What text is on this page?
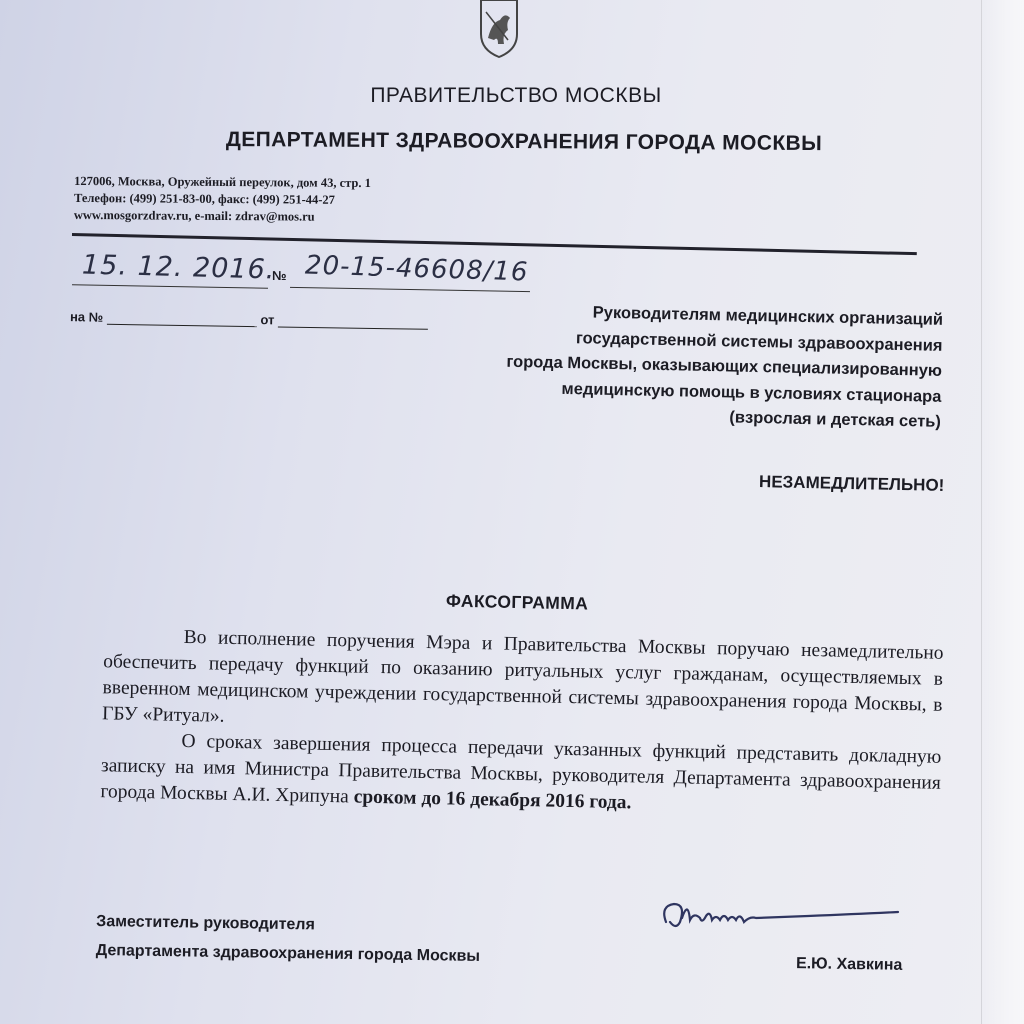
ПРАВИТЕЛЬСТВО МОСКВЫ
ДЕПАРТАМЕНТ ЗДРАВООХРАНЕНИЯ ГОРОДА МОСКВЫ
127006, Москва, Оружейный переулок, дом 43, стр. 1
Телефон: (499) 251-83-00, факс: (499) 251-44-27
www.mosgorzdrav.ru, e-mail: zdrav@mos.ru
15. 12. 2016.
№ 20-15-46608/16
на №	от	Руководителям медицинских организаций
государственной системы здравоохранения
города Москвы, оказывающих специализированную
медицинскую помощь в условиях стационара
(взрослая и детская сеть)
НЕЗАМЕДЛИТЕЛЬНО!
ФАКСОГРАММА

Во исполнение поручения Мэра и Правительства Москвы поручаю незамедлительно обеспечить передачу функций по оказанию ритуальных услуг гражданам, осуществляемых в вверенном медицинском учреждении государственной системы здравоохранения города Москвы, в ГБУ «Ритуал».

О сроках завершения процесса передачи указанных функций представить докладную записку на имя Министра Правительства Москвы, руководителя Департамента здравоохранения города Москвы А.И. Хрипуна сроком до 16 декабря 2016 года.

Заместитель руководителя
Департамента здравоохранения города Москвы	Е.Ю. Хавкина
